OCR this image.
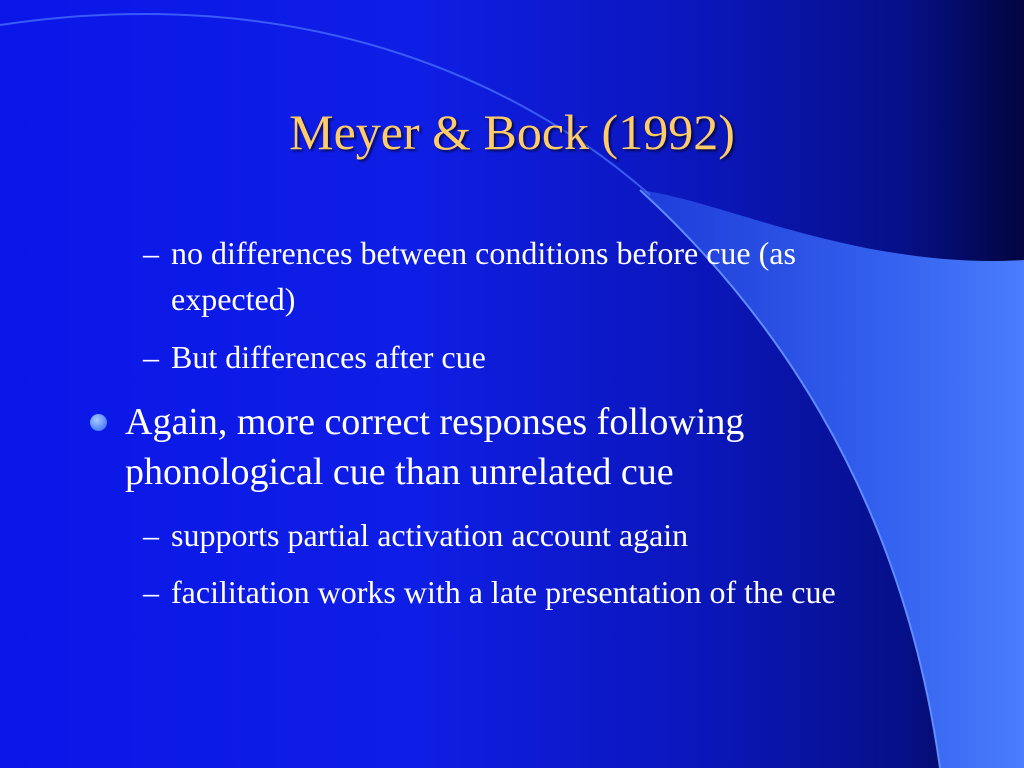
Meyer & Bock (1992)
– no differences between conditions before cue (as expected)
– But differences after cue
Again, more correct responses following phonological cue than unrelated cue
– supports partial activation account again
– facilitation works with a late presentation of the cue
